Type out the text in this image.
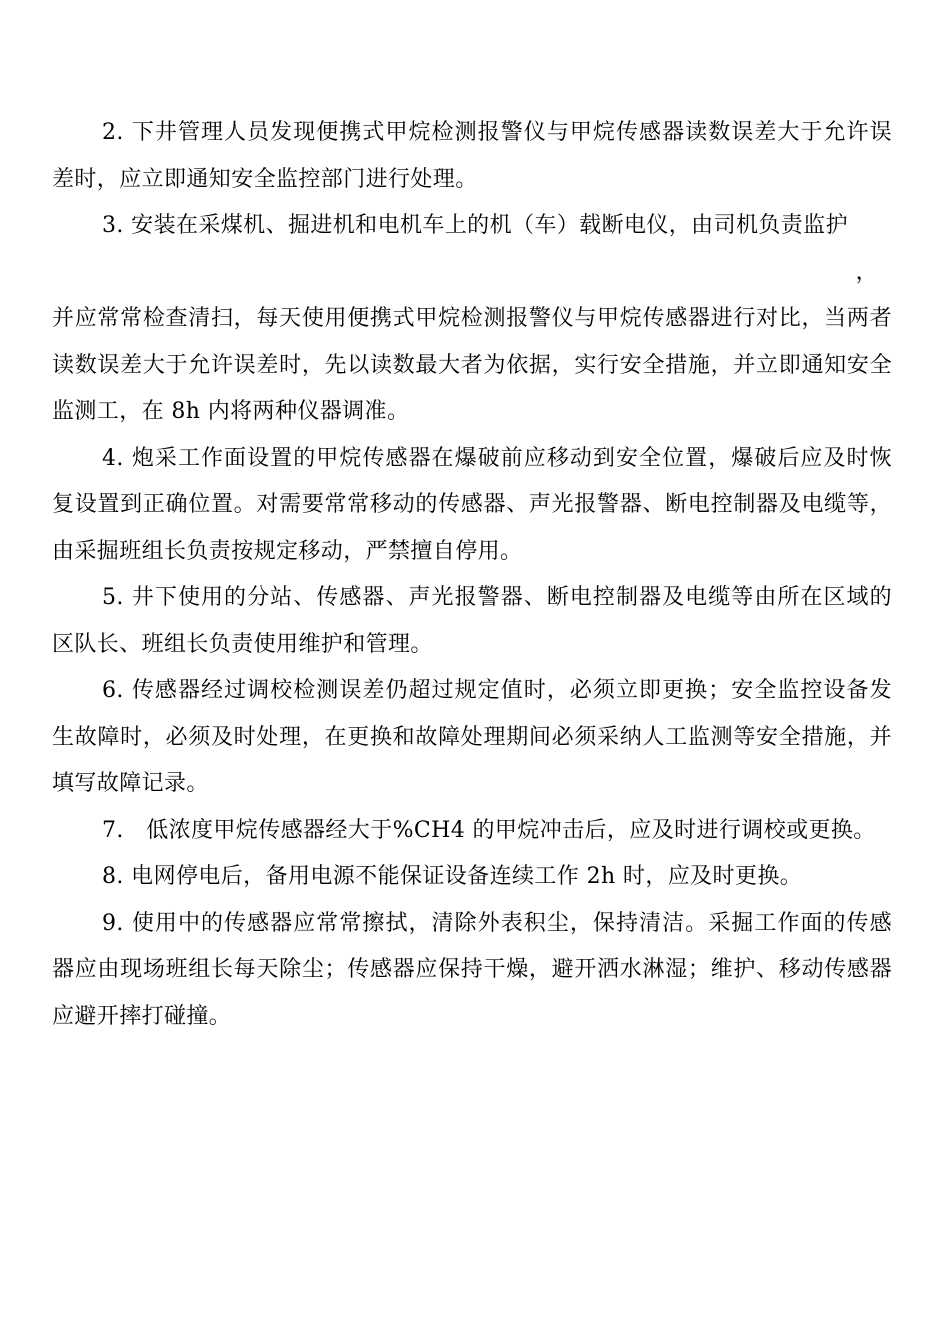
2. 下井管理人员发现便携式甲烷检测报警仪与甲烷传感器读数误差大于允许误差时，应立即通知安全监控部门进行处理。

3. 安装在采煤机、掘进机和电机车上的机（车）载断电仪，由司机负责监护
，

并应常常检查清扫，每天使用便携式甲烷检测报警仪与甲烷传感器进行对比，当两者读数误差大于允许误差时，先以读数最大者为依据，实行安全措施，并立即通知安全监测工，在 8h 内将两种仪器调准。

4. 炮采工作面设置的甲烷传感器在爆破前应移动到安全位置，爆破后应及时恢复设置到正确位置。对需要常常移动的传感器、声光报警器、断电控制器及电缆等，由采掘班组长负责按规定移动，严禁擅自停用。

5. 井下使用的分站、传感器、声光报警器、断电控制器及电缆等由所在区域的区队长、班组长负责使用维护和管理。

6. 传感器经过调校检测误差仍超过规定值时，必须立即更换；安全监控设备发生故障时，必须及时处理，在更换和故障处理期间必须采纳人工监测等安全措施，并填写故障记录。

7.　低浓度甲烷传感器经大于%CH4 的甲烷冲击后，应及时进行调校或更换。

8. 电网停电后，备用电源不能保证设备连续工作 2h 时，应及时更换。

9. 使用中的传感器应常常擦拭，清除外表积尘，保持清洁。采掘工作面的传感器应由现场班组长每天除尘；传感器应保持干燥，避开洒水淋湿；维护、移动传感器应避开摔打碰撞。
